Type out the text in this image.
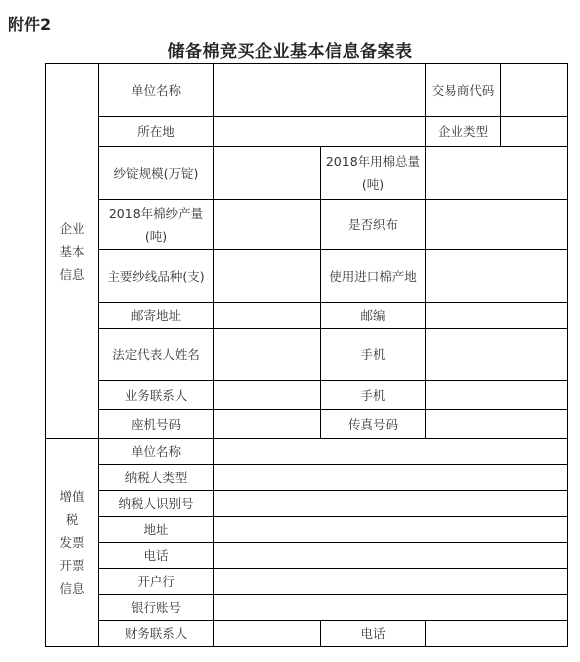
附件2
储备棉竞买企业基本信息备案表
企业
基本
信息	单位名称			交易商代码	
	所在地			企业类型	
	纱锭规模(万锭)		2018年用棉总量(吨)		
	2018年棉纱产量(吨)		是否织布		
	主要纱线品种(支)		使用进口棉产地		
	邮寄地址		邮编		
	法定代表人姓名		手机		
	业务联系人		手机		
	座机号码		传真号码		
增值
税
发票
开票
信息	单位名称				
	纳税人类型				
	纳税人识别号				
	地址				
	电话				
	开户行				
	银行账号				
	财务联系人		电话		
